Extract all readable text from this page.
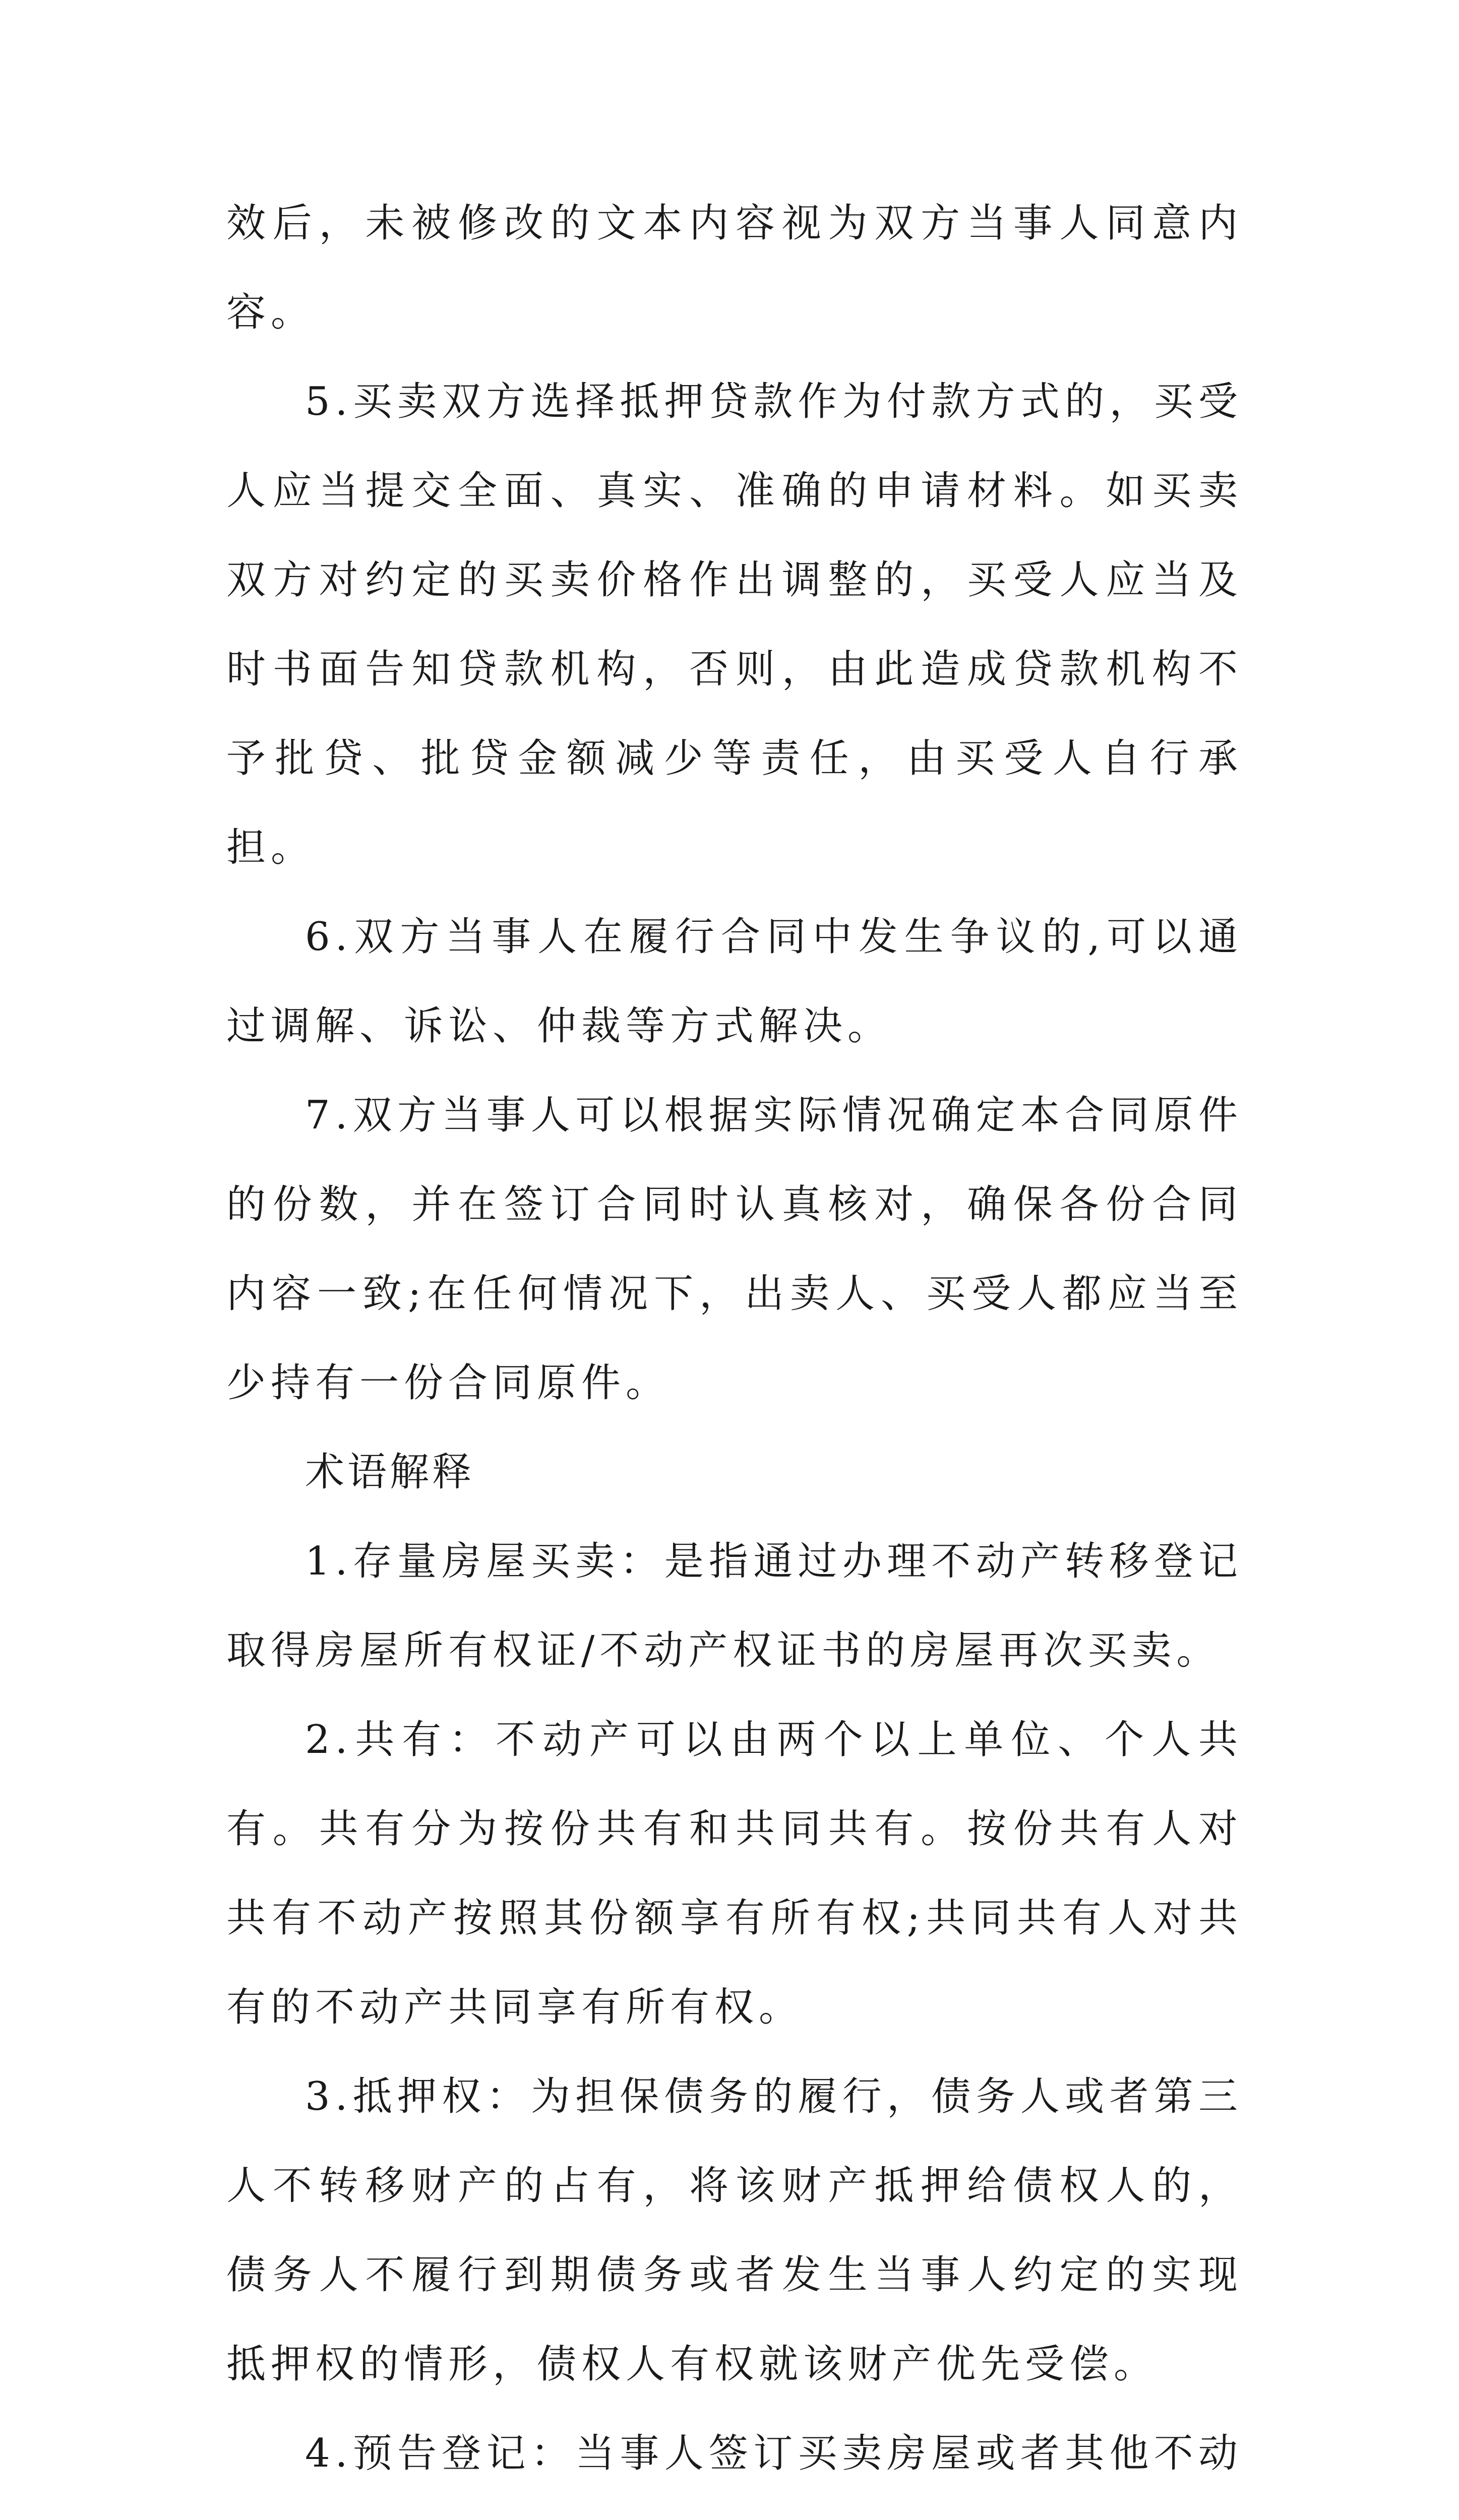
效后，未被修改的文本内容视为双方当事人同意内容。

5.买卖双方选择抵押贷款作为付款方式的，买受人应当提交全面、真实、准确的申请材料。如买卖双方对约定的买卖价格作出调整的，买受人应当及时书面告知贷款机构，否则，由此造成贷款机构不予批贷、批贷金额减少等责任，由买受人自行承担。

6.双方当事人在履行合同中发生争议的,可以通过调解、诉讼、仲裁等方式解决。

7.双方当事人可以根据实际情况确定本合同原件的份数，并在签订合同时认真核对，确保各份合同内容一致;在任何情况下，出卖人、买受人都应当至少持有一份合同原件。

术语解释

1.存量房屋买卖：是指通过办理不动产转移登记取得房屋所有权证/不动产权证书的房屋再次买卖。

2.共有：不动产可以由两个以上单位、个人共有。共有分为按份共有和共同共有。按份共有人对共有不动产按照其份额享有所有权;共同共有人对共有的不动产共同享有所有权。

3.抵押权：为担保债务的履行，债务人或者第三人不转移财产的占有，将该财产抵押给债权人的，债务人不履行到期债务或者发生当事人约定的实现抵押权的情形，债权人有权就该财产优先受偿。

4.预告登记：当事人签订买卖房屋或者其他不动
